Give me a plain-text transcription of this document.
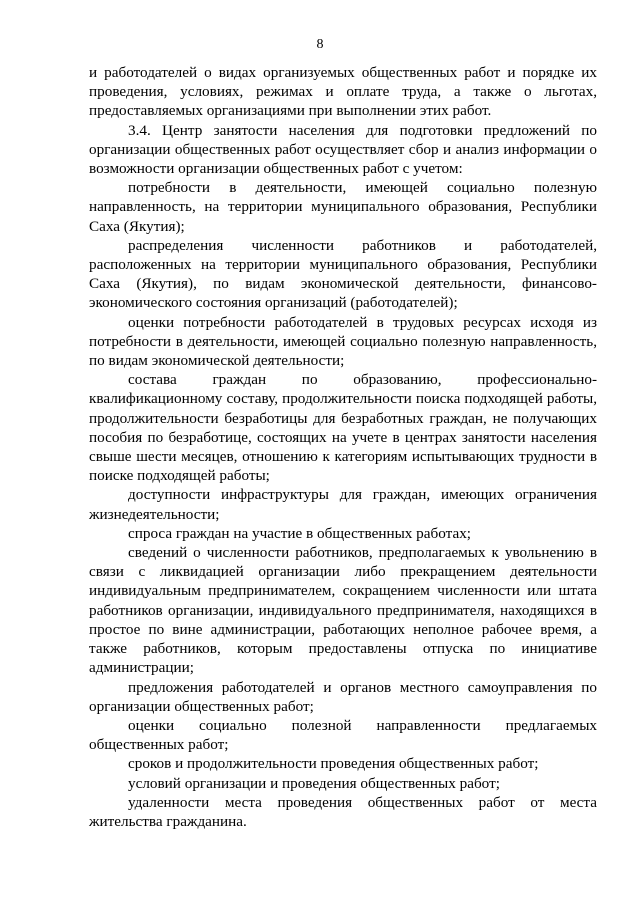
8

и работодателей о видах организуемых общественных работ и порядке их проведения, условиях, режимах и оплате труда, а также о льготах, предоставляемых организациями при выполнении этих работ.

3.4. Центр занятости населения для подготовки предложений по организации общественных работ осуществляет сбор и анализ информации о возможности организации общественных работ с учетом:

потребности в деятельности, имеющей социально полезную направленность, на территории муниципального образования, Республики Саха (Якутия);

распределения численности работников и работодателей, расположенных на территории муниципального образования, Республики Саха (Якутия), по видам экономической деятельности, финансово-экономического состояния организаций (работодателей);

оценки потребности работодателей в трудовых ресурсах исходя из потребности в деятельности, имеющей социально полезную направленность, по видам экономической деятельности;

состава граждан по образованию, профессионально-квалификационному составу, продолжительности поиска подходящей работы, продолжительности безработицы для безработных граждан, не получающих пособия по безработице, состоящих на учете в центрах занятости населения свыше шести месяцев, отношению к категориям испытывающих трудности в поиске подходящей работы;

доступности инфраструктуры для граждан, имеющих ограничения жизнедеятельности;

спроса граждан на участие в общественных работах;

сведений о численности работников, предполагаемых к увольнению в связи с ликвидацией организации либо прекращением деятельности индивидуальным предпринимателем, сокращением численности или штата работников организации, индивидуального предпринимателя, находящихся в простое по вине администрации, работающих неполное рабочее время, а также работников, которым предоставлены отпуска по инициативе администрации;

предложения работодателей и органов местного самоуправления по организации общественных работ;

оценки социально полезной направленности предлагаемых общественных работ;

сроков и продолжительности проведения общественных работ;

условий организации и проведения общественных работ;

удаленности места проведения общественных работ от места жительства гражданина.
